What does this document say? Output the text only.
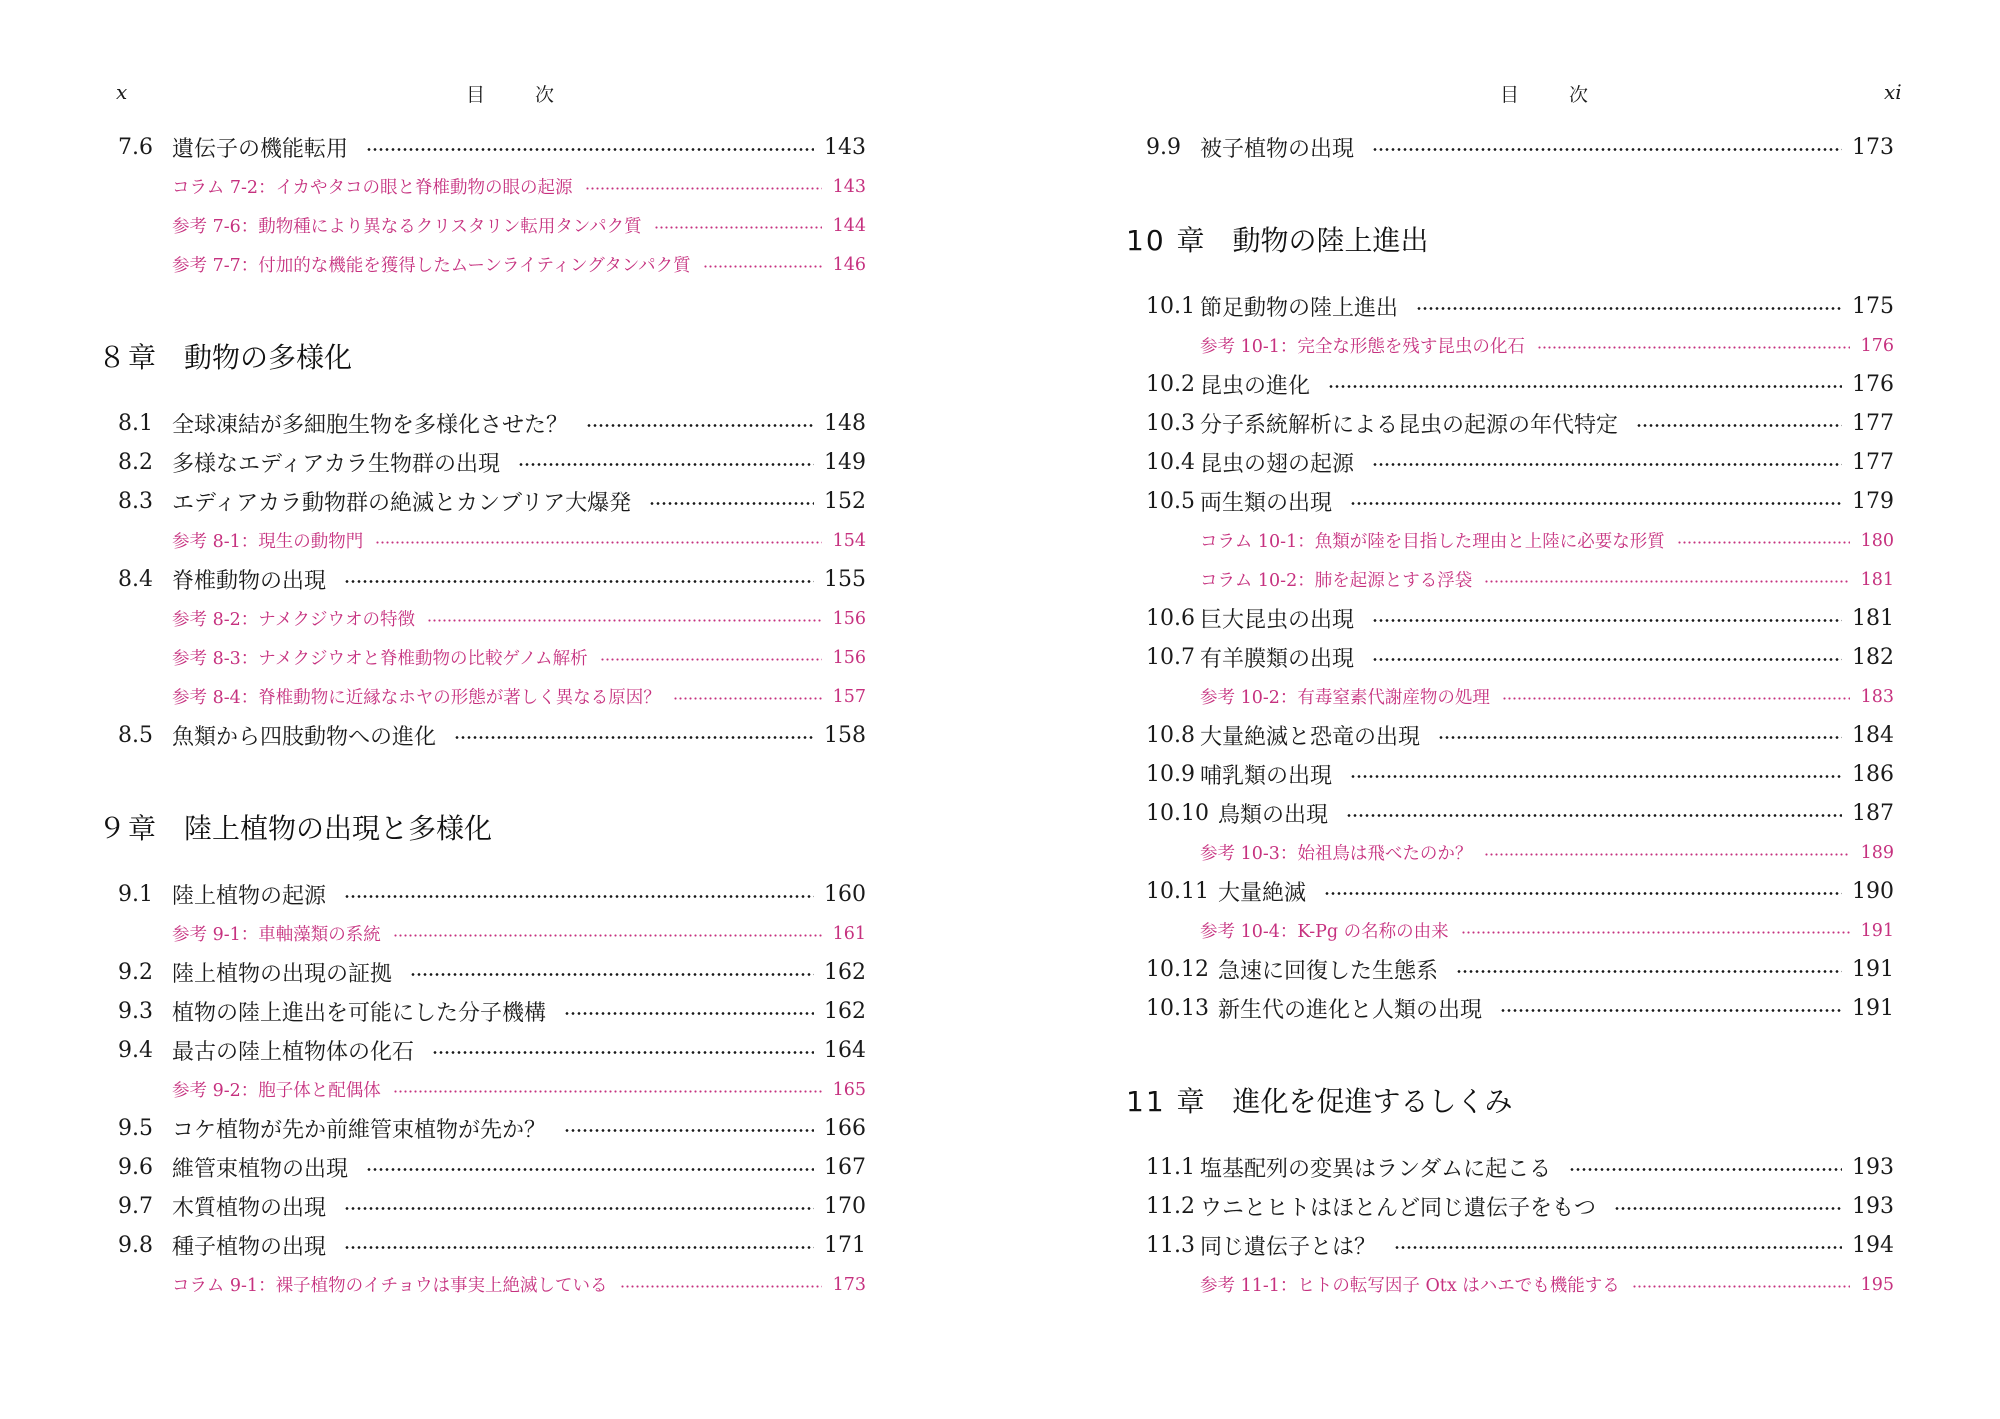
x	目 次
7.6 遺伝子の機能転用	143
コラム 7-2： イカやタコの眼と脊椎動物の眼の起源	143
参考 7-6： 動物種により異なるクリスタリン転用タンパク質	144
参考 7-7： 付加的な機能を獲得したムーンライティングタンパク質	146
８章 動物の多様化
8.1 全球凍結が多細胞生物を多様化させた？	148
8.2 多様なエディアカラ生物群の出現	149
8.3 エディアカラ動物群の絶滅とカンブリア大爆発	152
参考 8-1： 現生の動物門	154
8.4 脊椎動物の出現	155
参考 8-2： ナメクジウオの特徴	156
参考 8-3： ナメクジウオと脊椎動物の比較ゲノム解析	156
参考 8-4： 脊椎動物に近縁なホヤの形態が著しく異なる原因？	157
8.5 魚類から四肢動物への進化	158
９章 陸上植物の出現と多様化
9.1 陸上植物の起源	160
参考 9-1： 車軸藻類の系統	161
9.2 陸上植物の出現の証拠	162
9.3 植物の陸上進出を可能にした分子機構	162
9.4 最古の陸上植物体の化石	164
参考 9-2： 胞子体と配偶体	165
9.5 コケ植物が先か前維管束植物が先か？	166
9.6 維管束植物の出現	167
9.7 木質植物の出現	170
9.8 種子植物の出現	171
コラム 9-1： 裸子植物のイチョウは事実上絶滅している	173
目 次	xi
9.9 被子植物の出現	173
10 章 動物の陸上進出
10.1 節足動物の陸上進出	175
参考 10-1： 完全な形態を残す昆虫の化石	176
10.2 昆虫の進化	176
10.3 分子系統解析による昆虫の起源の年代特定	177
10.4 昆虫の翅の起源	177
10.5 両生類の出現	179
コラム 10-1： 魚類が陸を目指した理由と上陸に必要な形質	180
コラム 10-2： 肺を起源とする浮袋	181
10.6 巨大昆虫の出現	181
10.7 有羊膜類の出現	182
参考 10-2： 有毒窒素代謝産物の処理	183
10.8 大量絶滅と恐竜の出現	184
10.9 哺乳類の出現	186
10.10 鳥類の出現	187
参考 10-3： 始祖鳥は飛べたのか？	189
10.11 大量絶滅	190
参考 10-4： K-Pg の名称の由来	191
10.12 急速に回復した生態系	191
10.13 新生代の進化と人類の出現	191
11 章 進化を促進するしくみ
11.1 塩基配列の変異はランダムに起こる	193
11.2 ウニとヒトはほとんど同じ遺伝子をもつ	193
11.3 同じ遺伝子とは？	194
参考 11-1： ヒトの転写因子 Otx はハエでも機能する	195
